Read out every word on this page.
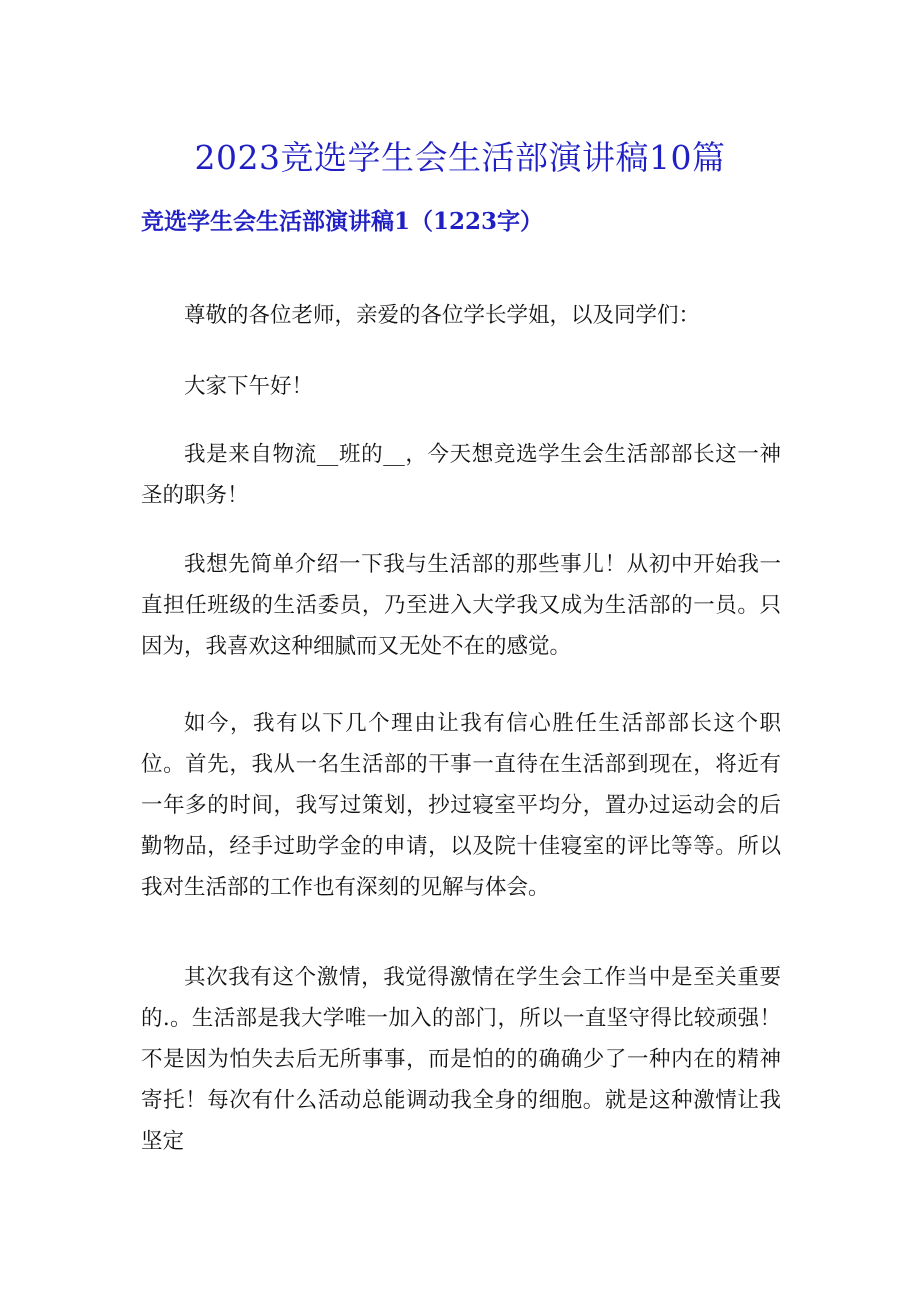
2023竞选学生会生活部演讲稿10篇
竞选学生会生活部演讲稿1（1223字）

尊敬的各位老师，亲爱的各位学长学姐，以及同学们：

大家下午好！

我是来自物流__班的__，今天想竞选学生会生活部部长这一神圣的职务！

我想先简单介绍一下我与生活部的那些事儿！从初中开始我一直担任班级的生活委员，乃至进入大学我又成为生活部的一员。只因为，我喜欢这种细腻而又无处不在的感觉。

如今，我有以下几个理由让我有信心胜任生活部部长这个职位。首先，我从一名生活部的干事一直待在生活部到现在，将近有一年多的时间，我写过策划，抄过寝室平均分，置办过运动会的后勤物品，经手过助学金的申请，以及院十佳寝室的评比等等。所以我对生活部的工作也有深刻的见解与体会。

其次我有这个激情，我觉得激情在学生会工作当中是至关重要的.。生活部是我大学唯一加入的部门，所以一直坚守得比较顽强！不是因为怕失去后无所事事，而是怕的的确确少了一种内在的精神寄托！每次有什么活动总能调动我全身的细胞。就是这种激情让我坚定
